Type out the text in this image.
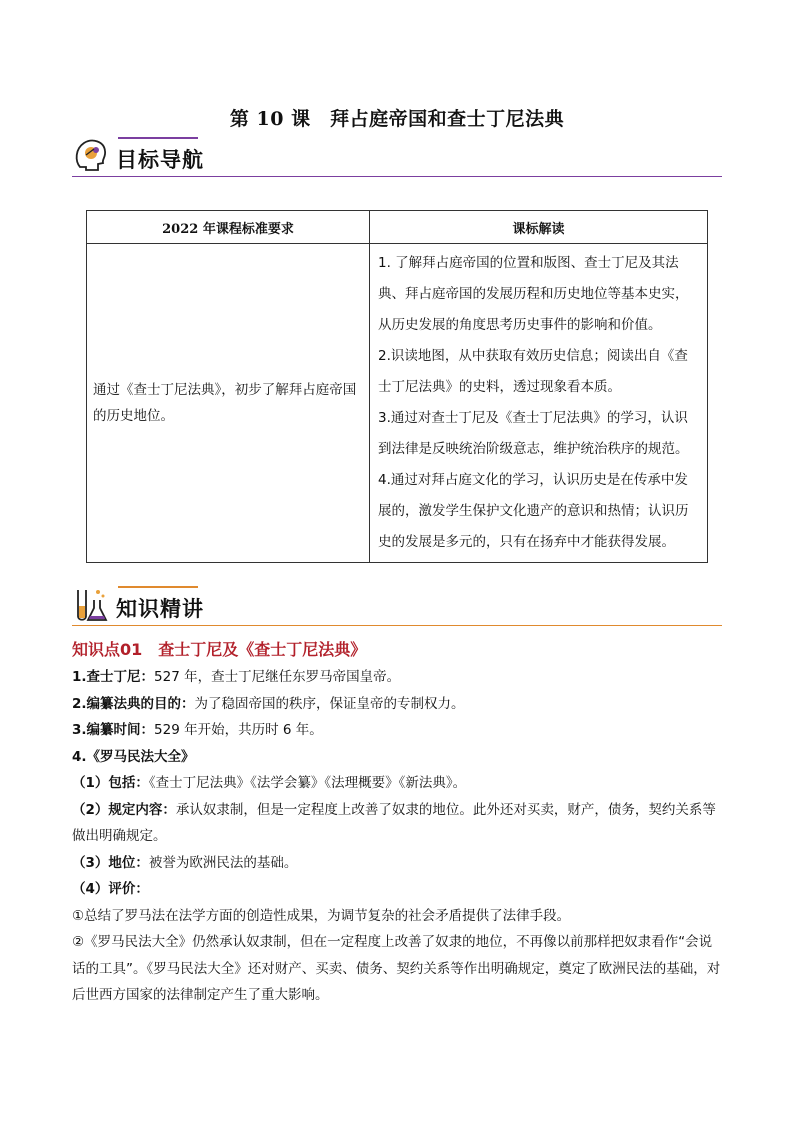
第 10 课　拜占庭帝国和查士丁尼法典
目标导航
2022 年课程标准要求	课标解读
通过《查士丁尼法典》，初步了解拜占庭帝国的历史地位。	1. 了解拜占庭帝国的位置和版图、查士丁尼及其法典、拜占庭帝国的发展历程和历史地位等基本史实，从历史发展的角度思考历史事件的影响和价值。
2.识读地图，从中获取有效历史信息；阅读出自《查士丁尼法典》的史料，透过现象看本质。
3.通过对查士丁尼及《查士丁尼法典》的学习，认识到法律是反映统治阶级意志，维护统治秩序的规范。
4.通过对拜占庭文化的学习，认识历史是在传承中发展的，激发学生保护文化遗产的意识和热情；认识历史的发展是多元的，只有在扬弃中才能获得发展。
知识精讲
知识点01　查士丁尼及《查士丁尼法典》

1.查士丁尼：527 年，查士丁尼继任东罗马帝国皇帝。

2.编纂法典的目的：为了稳固帝国的秩序，保证皇帝的专制权力。

3.编纂时间：529 年开始，共历时 6 年。

4.《罗马民法大全》

（1）包括：《查士丁尼法典》《法学会纂》《法理概要》《新法典》。

（2）规定内容：承认奴隶制，但是一定程度上改善了奴隶的地位。此外还对买卖，财产，债务，契约关系等做出明确规定。

（3）地位：被誉为欧洲民法的基础。

（4）评价：

①总结了罗马法在法学方面的创造性成果，为调节复杂的社会矛盾提供了法律手段。

②《罗马民法大全》仍然承认奴隶制，但在一定程度上改善了奴隶的地位，不再像以前那样把奴隶看作“会说话的工具”。《罗马民法大全》还对财产、买卖、债务、契约关系等作出明确规定，奠定了欧洲民法的基础，对后世西方国家的法律制定产生了重大影响。
